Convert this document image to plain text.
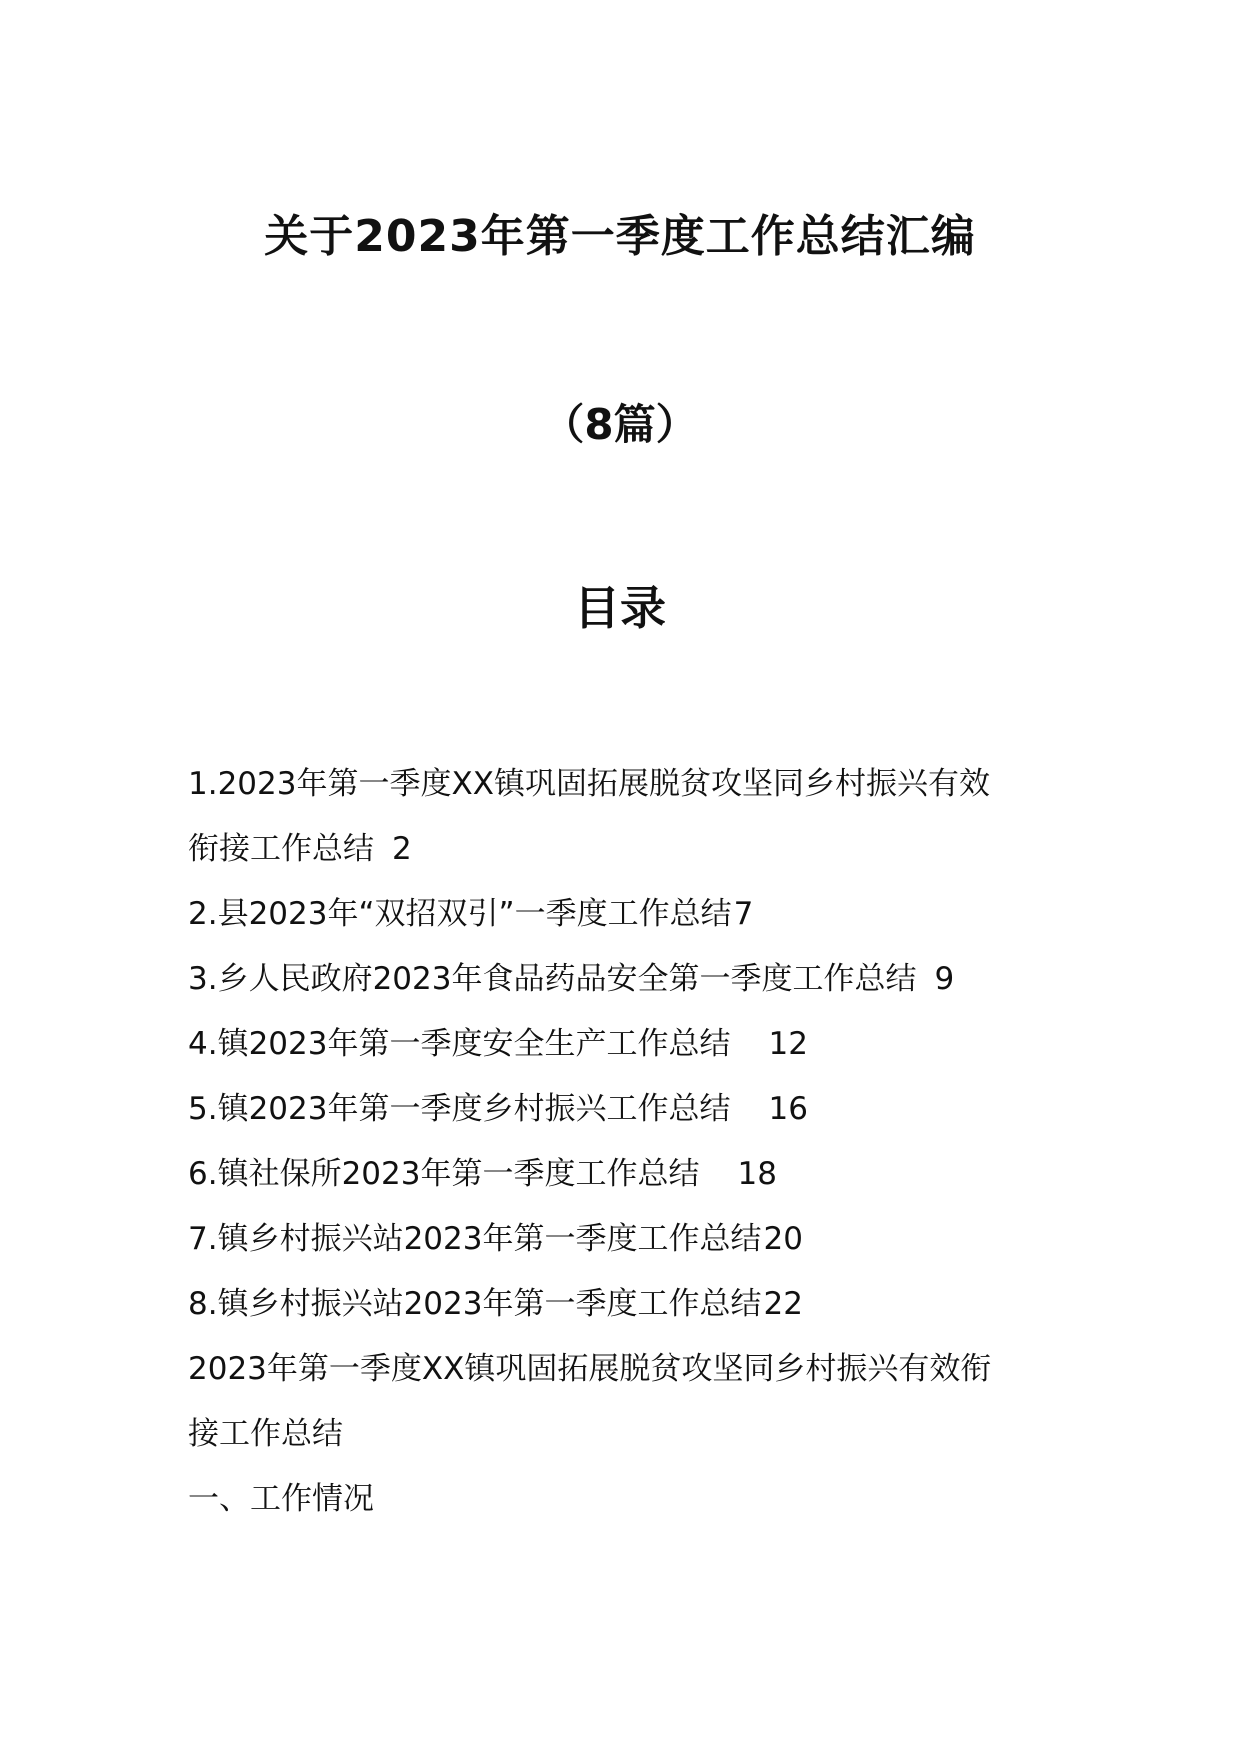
关于2023年第一季度工作总结汇编
（8篇）
目录
1.2023年第一季度XX镇巩固拓展脱贫攻坚同乡村振兴有效
衔接工作总结 2
2.县2023年“双招双引”一季度工作总结7
3.乡人民政府2023年食品药品安全第一季度工作总结 9
4.镇2023年第一季度安全生产工作总结 12
5.镇2023年第一季度乡村振兴工作总结 16
6.镇社保所2023年第一季度工作总结 18
7.镇乡村振兴站2023年第一季度工作总结20
8.镇乡村振兴站2023年第一季度工作总结22
2023年第一季度XX镇巩固拓展脱贫攻坚同乡村振兴有效衔
接工作总结
一、工作情况
